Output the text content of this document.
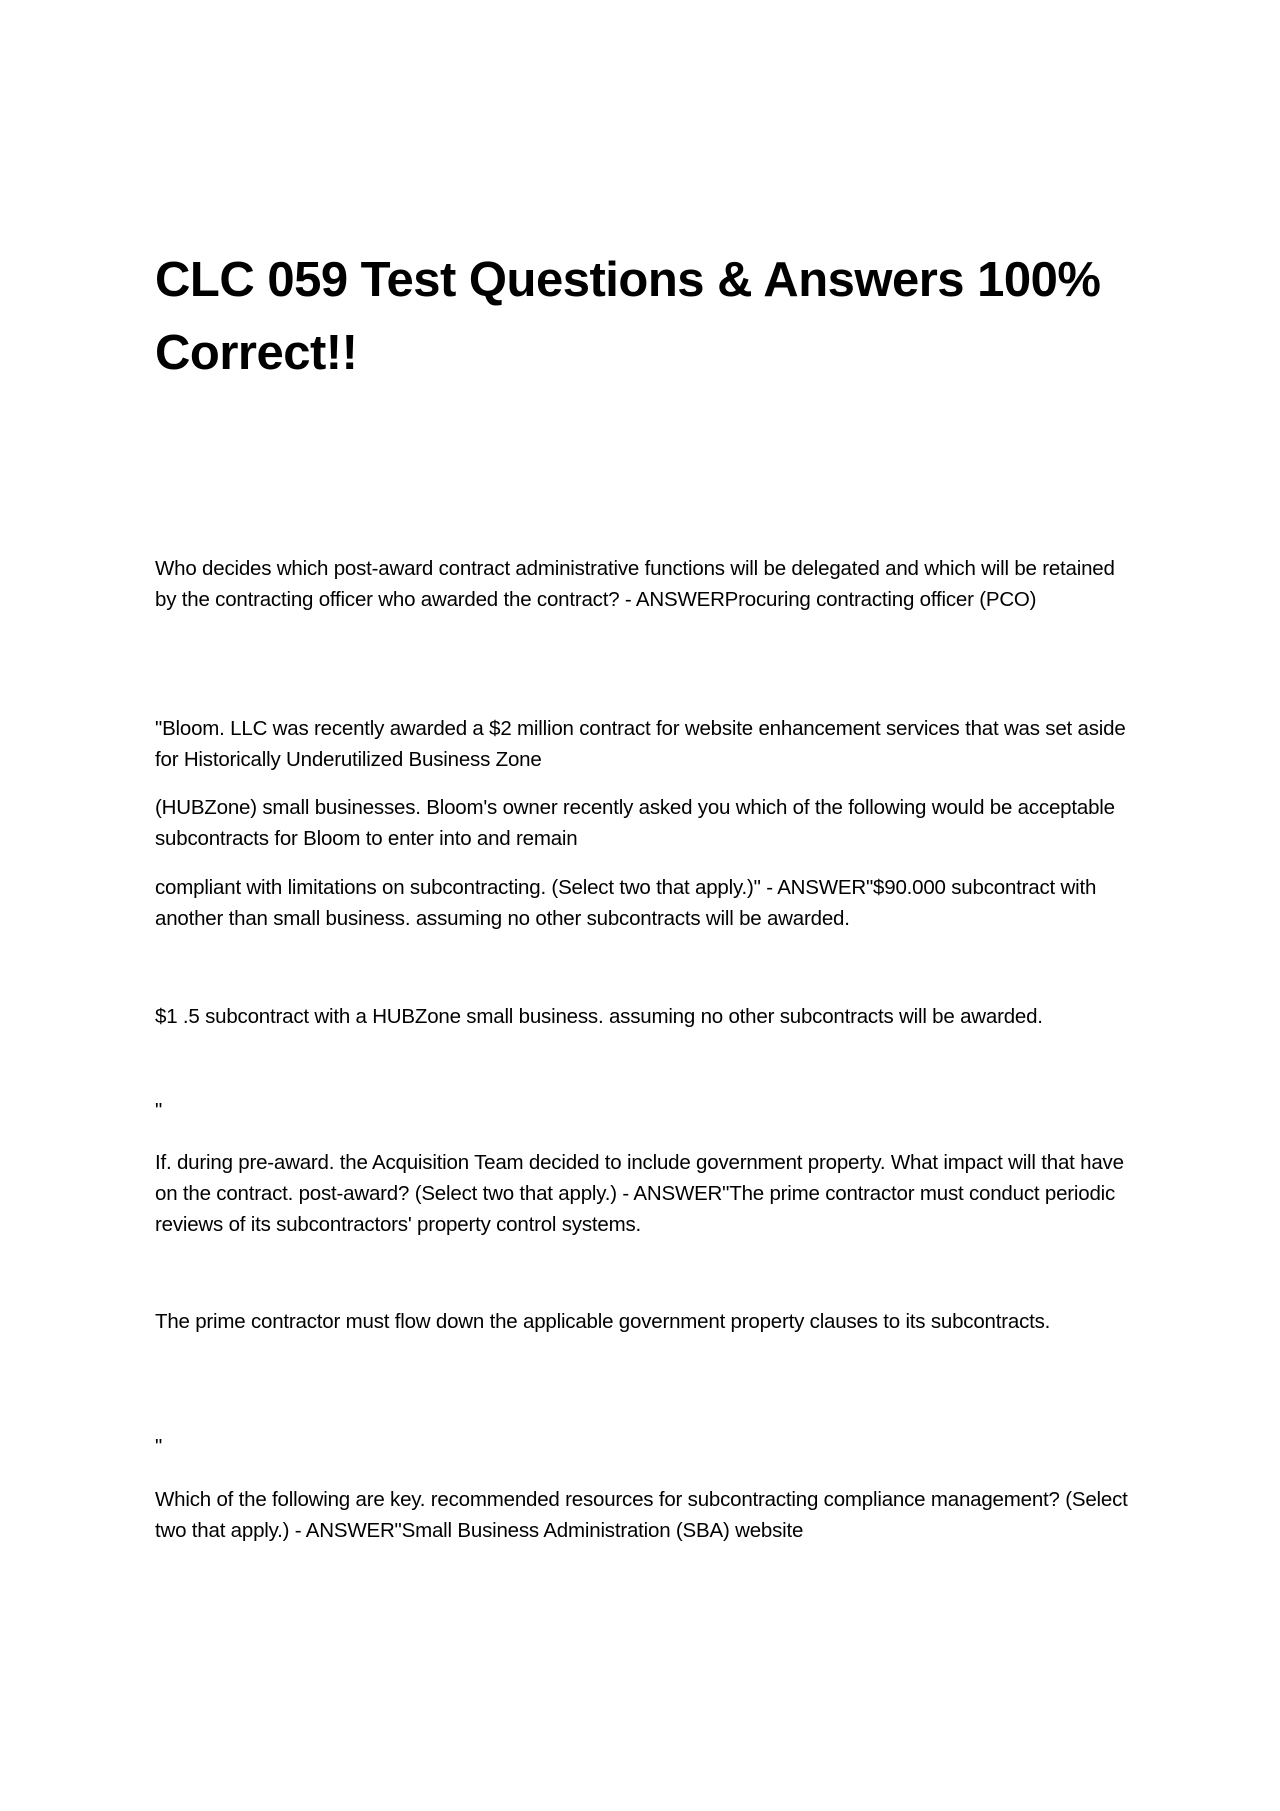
CLC 059 Test Questions & Answers 100% Correct!!

Who decides which post-award contract administrative functions will be delegated and which will be retained by the contracting officer who awarded the contract? - ANSWERProcuring contracting officer (PCO)

"Bloom. LLC was recently awarded a $2 million contract for website enhancement services that was set aside for Historically Underutilized Business Zone

(HUBZone) small businesses. Bloom's owner recently asked you which of the following would be acceptable subcontracts for Bloom to enter into and remain

compliant with limitations on subcontracting. (Select two that apply.)" - ANSWER"$90.000 subcontract with another than small business. assuming no other subcontracts will be awarded.

$1 .5 subcontract with a HUBZone small business. assuming no other subcontracts will be awarded.

"

If. during pre-award. the Acquisition Team decided to include government property. What impact will that have on the contract. post-award? (Select two that apply.) - ANSWER"The prime contractor must conduct periodic reviews of its subcontractors' property control systems.

The prime contractor must flow down the applicable government property clauses to its subcontracts.

"

Which of the following are key. recommended resources for subcontracting compliance management? (Select two that apply.) - ANSWER"Small Business Administration (SBA) website
